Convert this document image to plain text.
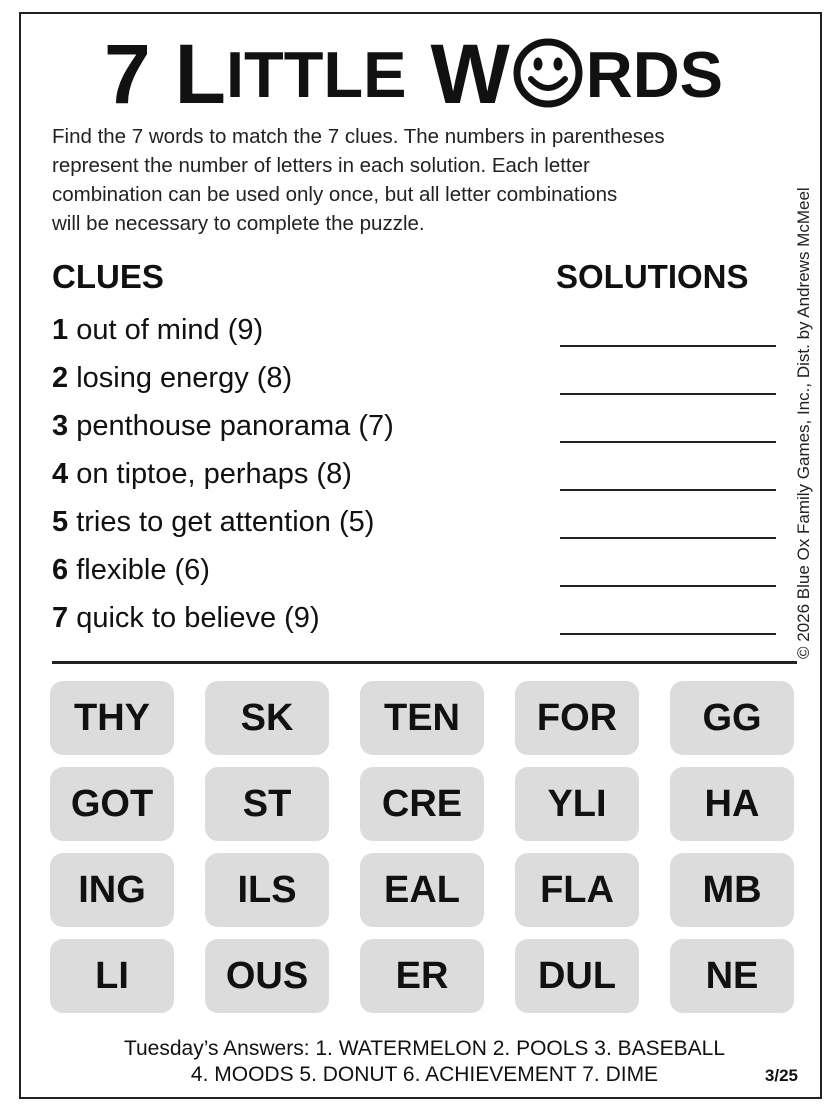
7 L ITTLE W RDS
Find the 7 words to match the 7 clues. The numbers in parentheses
represent the number of letters in each solution. Each letter
combination can be used only once, but all letter combinations
will be necessary to complete the puzzle.
CLUES	SOLUTIONS
1 out of mind (9)
2 losing energy (8)
3 penthouse panorama (7)
4 on tiptoe, perhaps (8)
5 tries to get attention (5)
6 flexible (6)
7 quick to believe (9)	© 2026 Blue Ox Family Games, Inc., Dist. by Andrews McMeel
THY	SK	TEN	FOR	GG
GOT	ST	CRE	YLI	HA
ING	ILS	EAL	FLA	MB
LI	OUS	ER	DUL	NE
Tuesday’s Answers: 1. WATERMELON 2. POOLS 3. BASEBALL
4. MOODS 5. DONUT 6. ACHIEVEMENT 7. DIME	3/25
